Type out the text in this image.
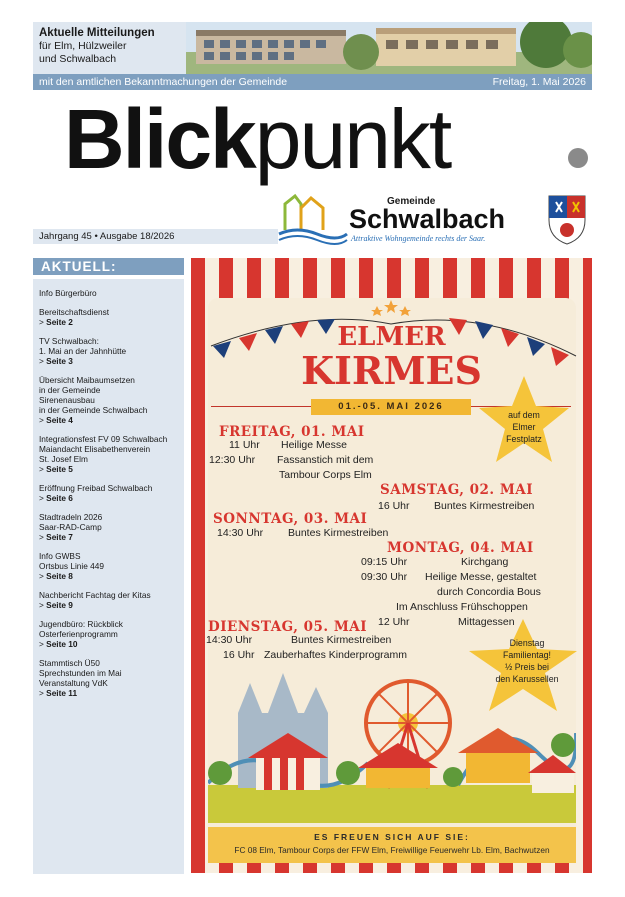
Aktuelle Mitteilungen
für Elm, Hülzweiler
und Schwalbach
mit den amtlichen Bekanntmachungen der Gemeinde	Freitag, 1. Mai 2026
Blickpunkt
Jahrgang 45 • Ausgabe 18/2026
Gemeinde
Schwalbach
Attraktive Wohngemeinde rechts der Saar.
AKTUELL:
Info Bürgerbüro
Bereitschaftsdienst
> Seite 2
TV Schwalbach:
1. Mai an der Jahnhütte
> Seite 3
Übersicht Maibaumsetzen
in der Gemeinde
Sirenenausbau
in der Gemeinde Schwalbach
> Seite 4
Integrationsfest FV 09 Schwalbach
Maiandacht Elisabethenverein
St. Josef Elm
> Seite 5
Eröffnung Freibad Schwalbach
> Seite 6
Stadtradeln 2026
Saar-RAD-Camp
> Seite 7
Info GWBS
Ortsbus Linie 449
> Seite 8
Nachbericht Fachtag der Kitas
> Seite 9
Jugendbüro: Rückblick
Osterferienprogramm
> Seite 10
Stammtisch Ü50
Sprechstunden im Mai
Veranstaltung VdK
> Seite 11
ELMER
KIRMES
01.-05. MAI 2026
auf dem
Elmer
Festplatz
FREITAG, 01. MAI
11 Uhr Heilige Messe
12:30 Uhr Fassanstich mit dem
Tambour Corps Elm
SAMSTAG, 02. MAI
16 Uhr Buntes Kirmestreiben
SONNTAG, 03. MAI
14:30 Uhr Buntes Kirmestreiben
MONTAG, 04. MAI
09:15 Uhr	Kirchgang
09:30 Uhr Heilige Messe, gestaltet
durch Concordia Bous
Im Anschluss Frühschoppen
12 Uhr	Mittagessen
DIENSTAG, 05. MAI
14:30 Uhr	Buntes Kirmestreiben
16 Uhr Zauberhaftes Kinderprogramm
Dienstag
Familientag!
½ Preis bei
den Karussellen
ES FREUEN SICH AUF SIE:
FC 08 Elm, Tambour Corps der FFW Elm, Freiwillige Feuerwehr Lb. Elm, Bachwutzen
